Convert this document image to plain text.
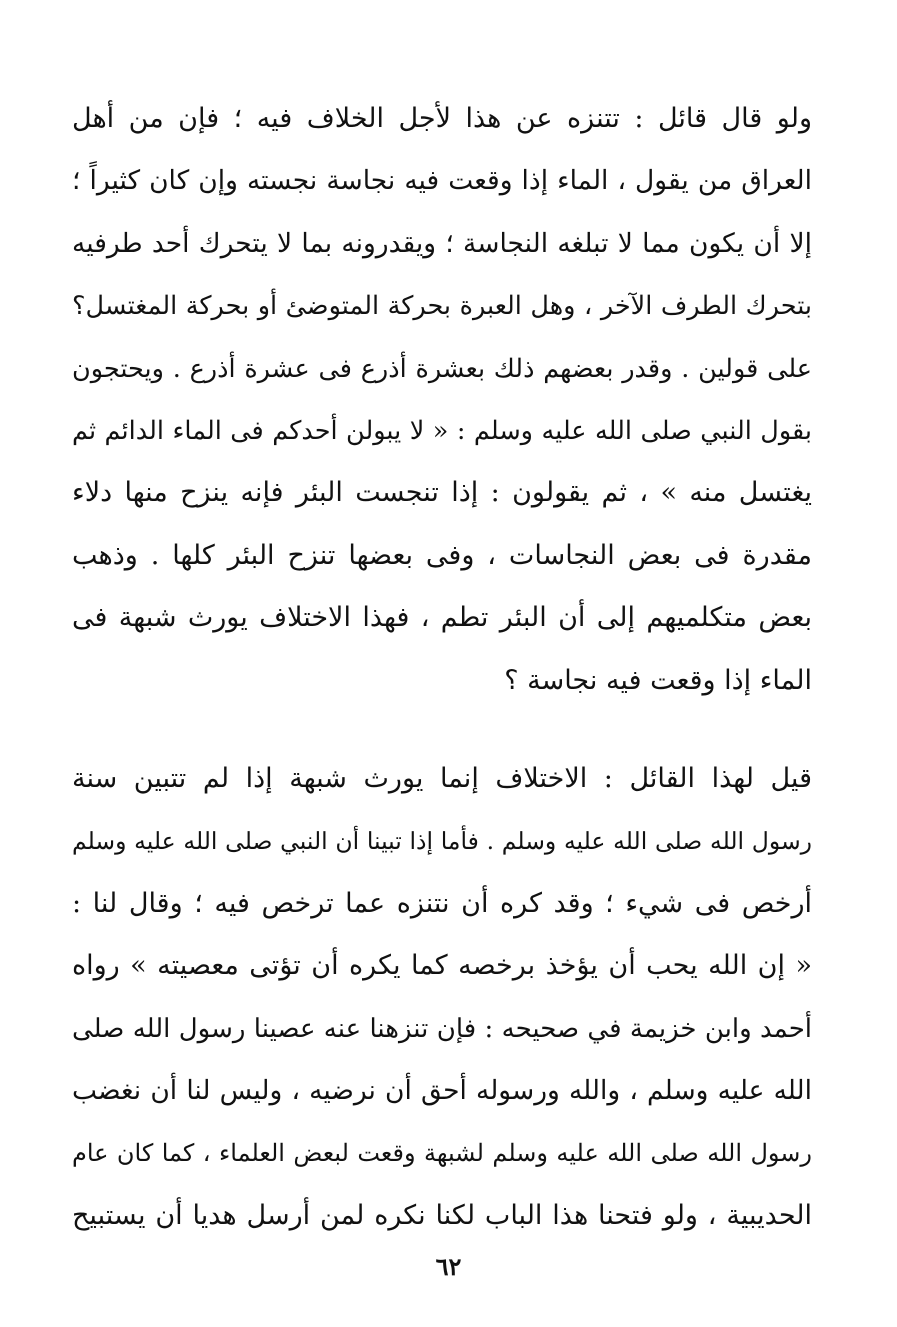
ولو قال قائل : تتنزه عن هذا لأجل الخلاف فيه ؛ فإن من أهل
العراق من يقول ، الماء إذا وقعت فيه نجاسة نجسته وإن كان كثيراً ؛
إلا أن يكون مما لا تبلغه النجاسة ؛ ويقدرونه بما لا يتحرك أحد طرفيه
بتحرك الطرف الآخر ، وهل العبرة بحركة المتوضئ أو بحركة المغتسل؟
على قولين . وقدر بعضهم ذلك بعشرة أذرع فى عشرة أذرع . ويحتجون
بقول النبي صلى الله عليه وسلم : « لا يبولن أحدكم فى الماء الدائم ثم
يغتسل منه » ، ثم يقولون : إذا تنجست البئر فإنه ينزح منها دلاء
مقدرة فى بعض النجاسات ، وفى بعضها تنزح البئر كلها . وذهب
بعض متكلميهم إلى أن البئر تطم ، فهذا الاختلاف يورث شبهة فى
الماء إذا وقعت فيه نجاسة ؟
قيل لهذا القائل : الاختلاف إنما يورث شبهة إذا لم تتبين سنة
رسول الله صلى الله عليه وسلم . فأما إذا تبينا أن النبي صلى الله عليه وسلم
أرخص فى شيء ؛ وقد كره أن نتنزه عما ترخص فيه ؛ وقال لنا :
« إن الله يحب أن يؤخذ برخصه كما يكره أن تؤتى معصيته » رواه
أحمد وابن خزيمة في صحيحه : فإن تنزهنا عنه عصينا رسول الله صلى
الله عليه وسلم ، والله ورسوله أحق أن نرضيه ، وليس لنا أن نغضب
رسول الله صلى الله عليه وسلم لشبهة وقعت لبعض العلماء ، كما كان عام
الحديبية ، ولو فتحنا هذا الباب لكنا نكره لمن أرسل هديا أن يستبيح
٦٢
